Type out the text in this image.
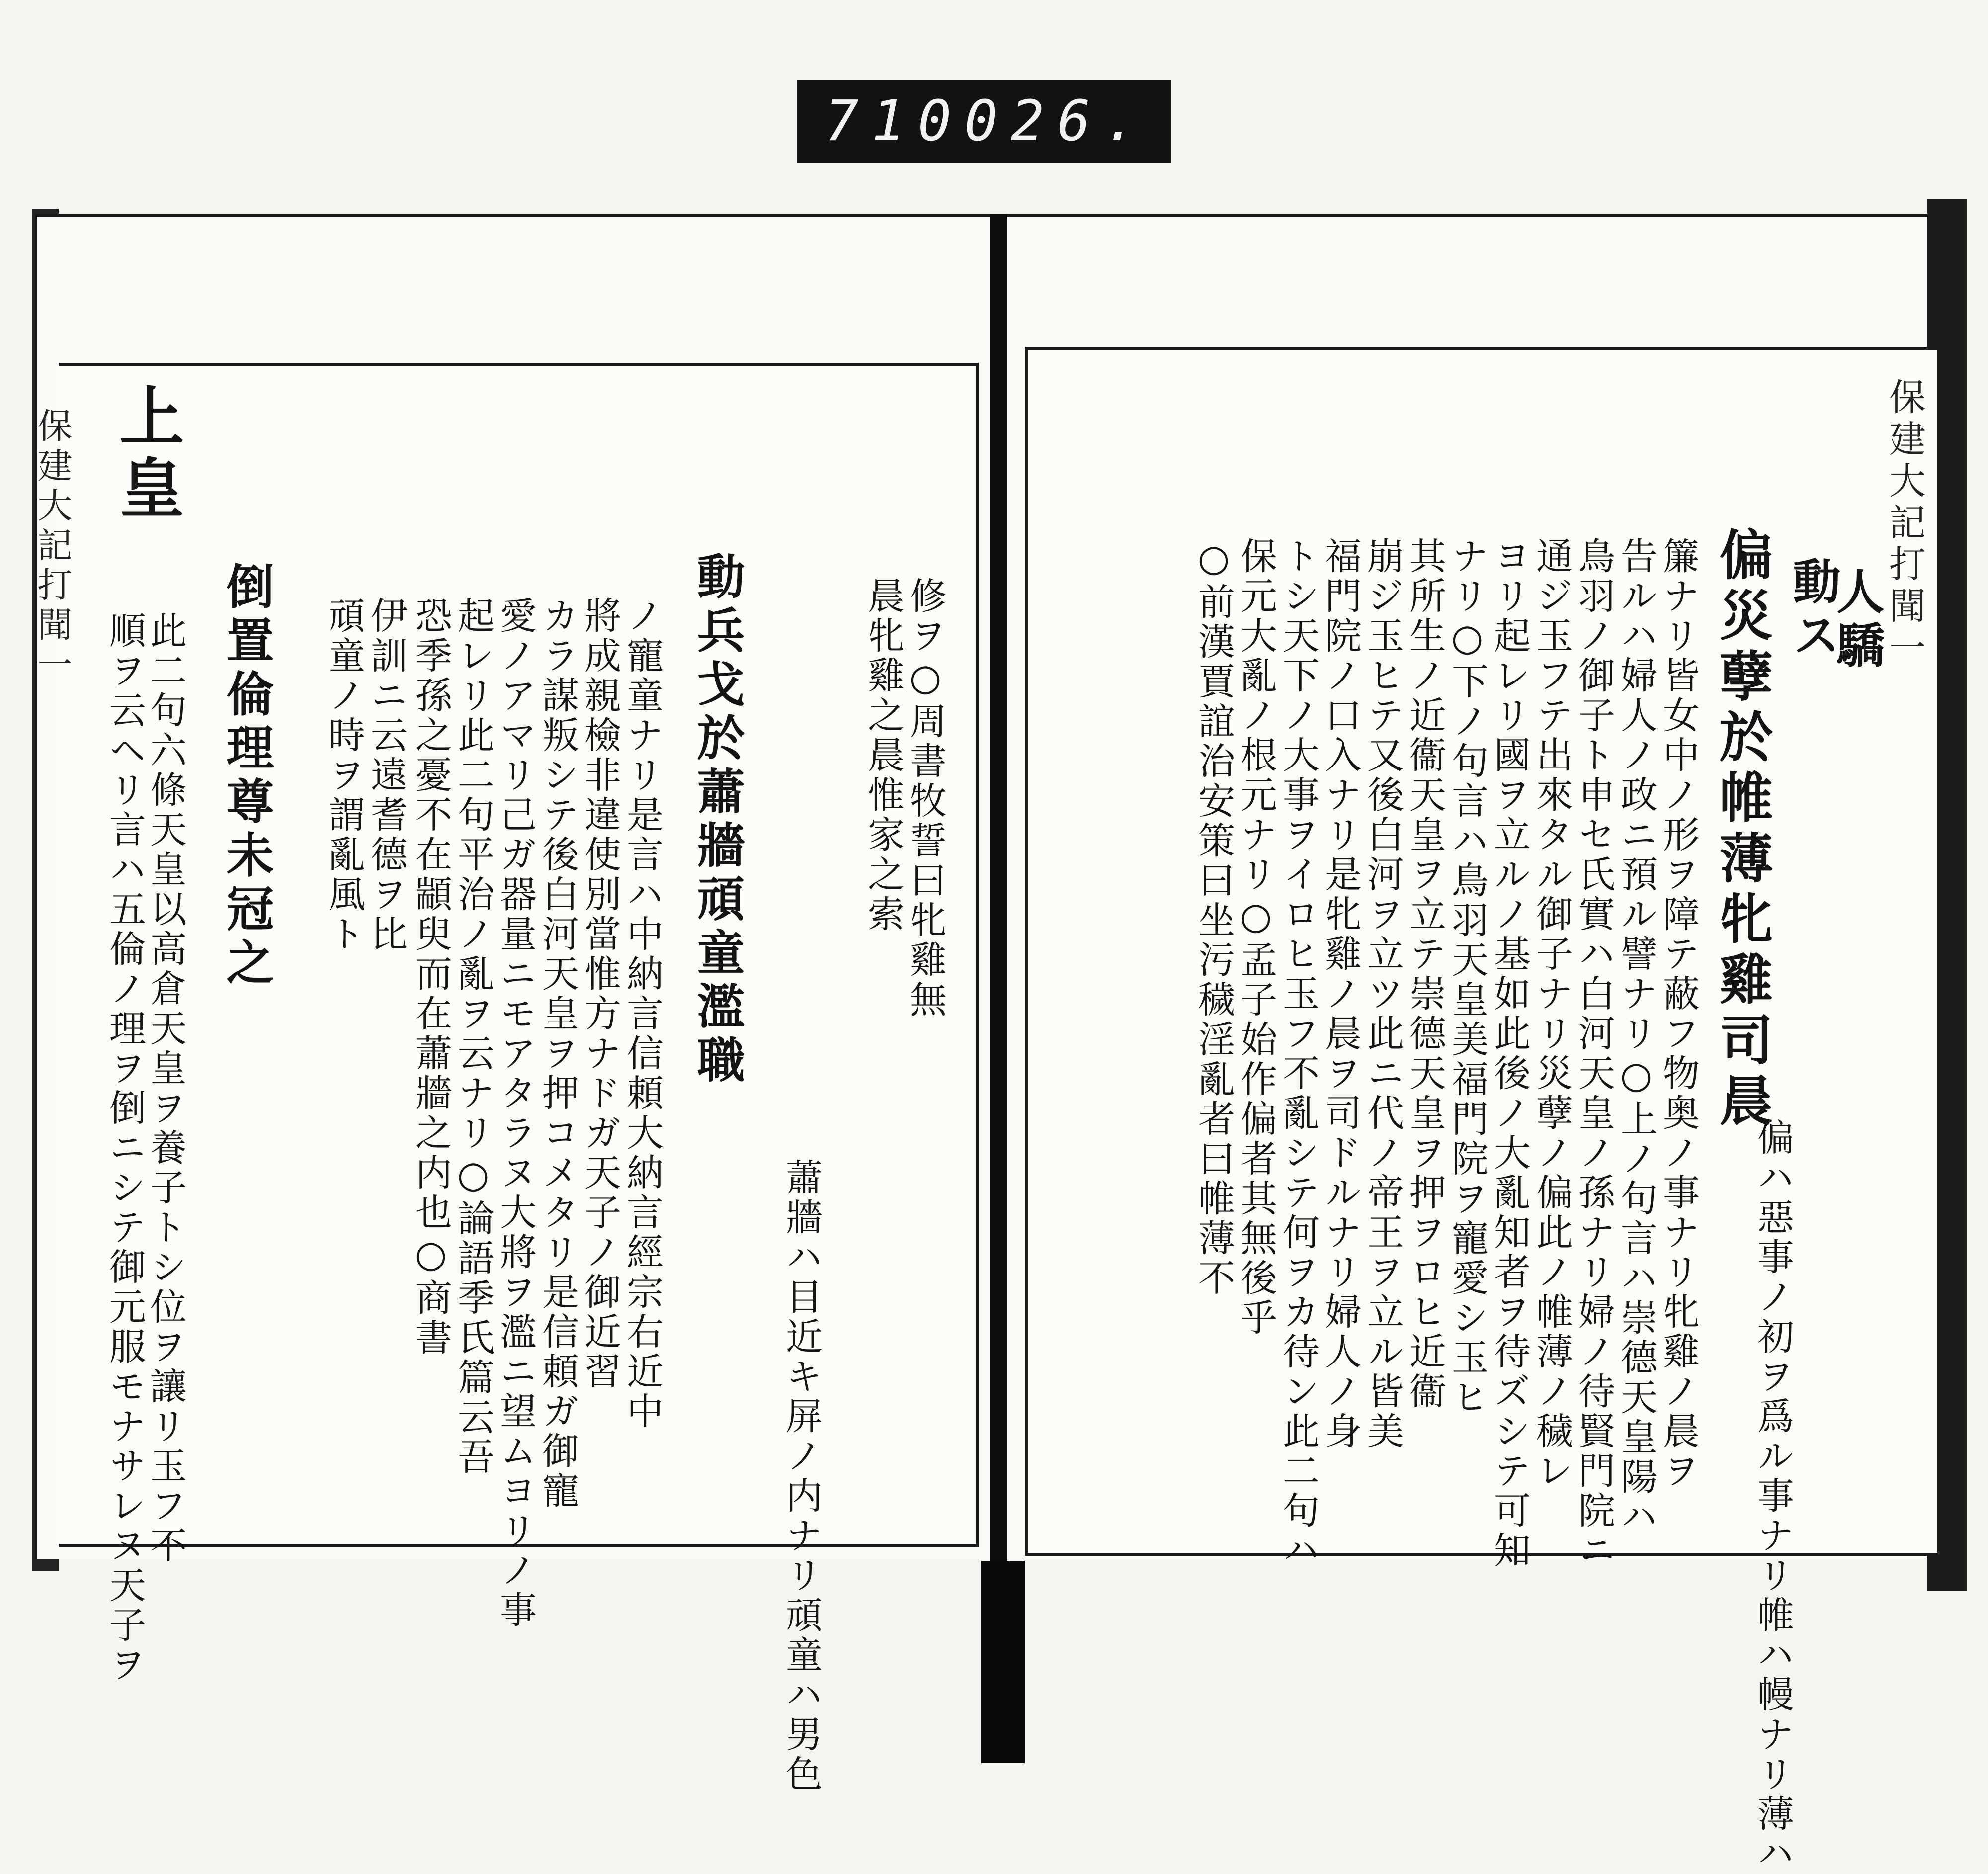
710 026.
保建大記打聞一 上皇
倒置倫理尊未冠之
此二句六條天皇以高倉天皇ヲ養子トシ位ヲ讓リ玉フ不
順ヲ云ヘリ言ハ五倫ノ理ヲ倒ニシテ御元服モナサレヌ天子ヲ	頑童ノ時ヲ謂亂風ト 伊訓ニ云遠耆德ヲ比 恐季孫之憂不在顓臾而在蕭牆之内也○商書 起レリ此二句平治ノ亂ヲ云ナリ○論語季氏篇云吾 愛ノアマリ己ガ器量ニモアタラヌ大將ヲ濫ニ望ムヨリノ事 カラ謀叛シテ後白河天皇ヲ押コメタリ是信頼ガ御寵 將成親檢非違使別當惟方ナドガ天子ノ御近習 ノ寵童ナリ是言ハ中納言信頼大納言經宗右近中 動兵戈於蕭牆頑童濫職
蕭牆ハ目近キ屏ノ内ナリ頑童ハ男色
晨牝雞之晨惟家之索 修ヲ○周書牧誓曰牝雞無
保建大記打聞一
人驕
動ス
偏災孽於帷薄牝雞司晨
偏ハ惡事ノ初ヲ爲ル事ナリ帷ハ幔ナリ薄ハ
簾ナリ皆女中ノ形ヲ障テ蔽フ物奥ノ事ナリ牝雞ノ晨ヲ
告ルハ婦人ノ政ニ預ル譬ナリ○上ノ句言ハ崇德天皇陽ハ
鳥羽ノ御子ト申セ氏實ハ白河天皇ノ孫ナリ婦ノ待賢門院ニ
通ジ玉フテ出來タル御子ナリ災孽ノ偏此ノ帷薄ノ穢レ
ヨリ起レリ國ヲ立ルノ基如此後ノ大亂知者ヲ待ズシテ可知
ナリ○下ノ句言ハ鳥羽天皇美福門院ヲ寵愛シ玉ヒ
其所生ノ近衞天皇ヲ立テ崇德天皇ヲ押ヲロヒ近衞
崩ジ玉ヒテ又後白河ヲ立ツ此ニ代ノ帝王ヲ立ル皆美
福門院ノ口入ナリ是牝雞ノ晨ヲ司ドルナリ婦人ノ身
トシ天下ノ大事ヲイロヒ玉フ不亂シテ何ヲカ待ン此二句ハ
保元大亂ノ根元ナリ○孟子始作偏者其無後乎
○前漢賈誼治安策曰坐污穢淫亂者曰帷薄不
